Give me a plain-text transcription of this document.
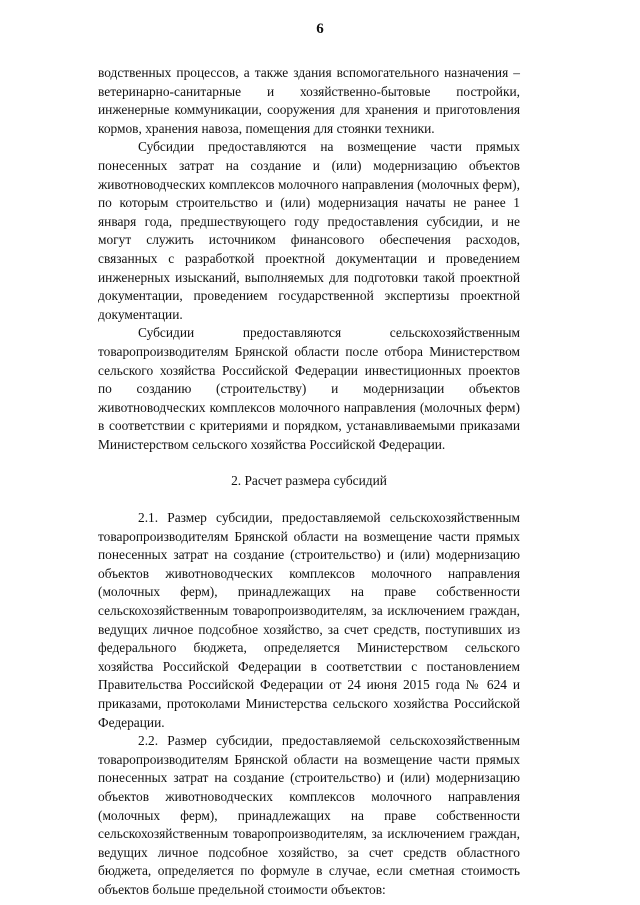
6

водственных процессов, а также здания вспомогательного назначения – ветеринарно-санитарные и хозяйственно-бытовые постройки, инженерные коммуникации, сооружения для хранения и приготовления кормов, хранения навоза, помещения для стоянки техники.

Субсидии предоставляются на возмещение части прямых понесенных затрат на создание и (или) модернизацию объектов животноводческих комплексов молочного направления (молочных ферм), по которым строительство и (или) модернизация начаты не ранее 1 января года, предшествующего году предоставления субсидии, и не могут служить источником финансового обеспечения расходов, связанных с разработкой проектной документации и проведением инженерных изысканий, выполняемых для подготовки такой проектной документации, проведением государственной экспертизы проектной документации.

Субсидии предоставляются сельскохозяйственным товаропроизводителям Брянской области после отбора Министерством сельского хозяйства Российской Федерации инвестиционных проектов по созданию (строительству) и модернизации объектов животноводческих комплексов молочного направления (молочных ферм) в соответствии с критериями и порядком, устанавливаемыми приказами Министерством сельского хозяйства Российской Федерации.

2. Расчет размера субсидий

2.1. Размер субсидии, предоставляемой сельскохозяйственным товаропроизводителям Брянской области на возмещение части прямых понесенных затрат на создание (строительство) и (или) модернизацию объектов животноводческих комплексов молочного направления (молочных ферм), принадлежащих на праве собственности сельскохозяйственным товаропроизводителям, за исключением граждан, ведущих личное подсобное хозяйство, за счет средств, поступивших из федерального бюджета, определяется Министерством сельского хозяйства Российской Федерации в соответствии с постановлением Правительства Российской Федерации от 24 июня 2015 года № 624 и приказами, протоколами Министерства сельского хозяйства Российской Федерации.

2.2. Размер субсидии, предоставляемой сельскохозяйственным товаропроизводителям Брянской области на возмещение части прямых понесенных затрат на создание (строительство) и (или) модернизацию объектов животноводческих комплексов молочного направления (молочных ферм), принадлежащих на праве собственности сельскохозяйственным товаропроизводителям, за исключением граждан, ведущих личное подсобное хозяйство, за счет средств областного бюджета, определяется по формуле в случае, если сметная стоимость объектов больше предельной стоимости объектов:
